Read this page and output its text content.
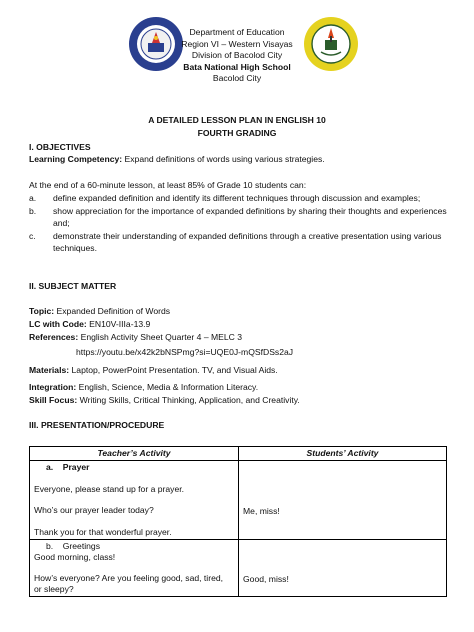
Department of Education
Region VI – Western Visayas
Division of Bacolod City
Bata National High School
Bacolod City
A DETAILED LESSON PLAN IN ENGLISH 10
FOURTH GRADING
I. OBJECTIVES
Learning Competency: Expand definitions of words using various strategies.
At the end of a 60-minute lesson, at least 85% of Grade 10 students can:
a.	define expanded definition and identify its different techniques through discussion and examples;
b.	show appreciation for the importance of expanded definitions by sharing their thoughts and experiences and;
c.	demonstrate their understanding of expanded definitions through a creative presentation using various techniques.
II. SUBJECT MATTER
Topic: Expanded Definition of Words
LC with Code: EN10V-IIIa-13.9
References: English Activity Sheet Quarter 4 – MELC 3
https://youtu.be/x42k2bNSPmg?si=UQE0J-mQSfDSs2aJ
Materials: Laptop, PowerPoint Presentation. TV, and Visual Aids.
Integration: English, Science, Media & Information Literacy.
Skill Focus: Writing Skills, Critical Thinking, Application, and Creativity.
III. PRESENTATION/PROCEDURE
Teacher’s Activity	Students’ Activity

a. Prayer
Everyone, please stand up for a prayer.
Who’s our prayer leader today?
Thank you for that wonderful prayer.	Me, miss!

b. Greetings
Good morning, class!
How’s everyone? Are you feeling good, sad, tired,
or sleepy?	Good, miss!
